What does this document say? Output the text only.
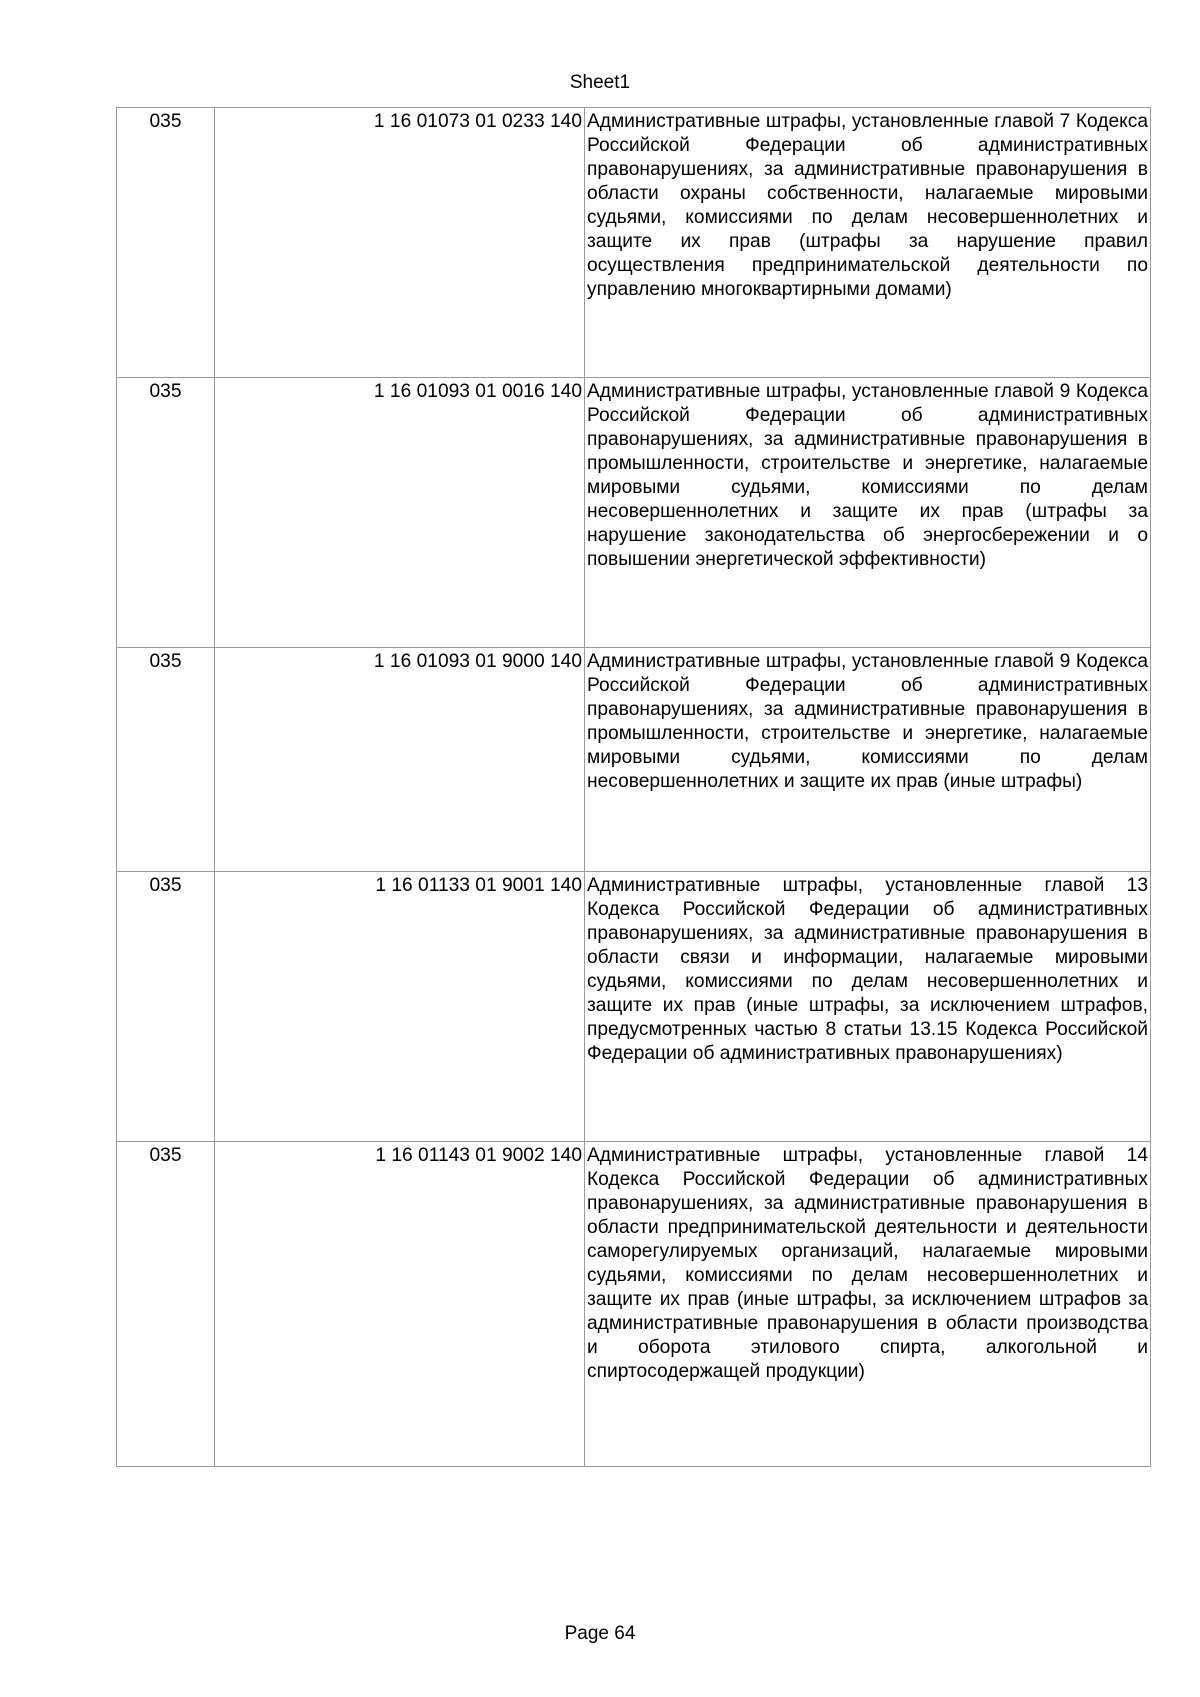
Sheet1
035	1 16 01073 01 0233 140	Административные штрафы, установленные главой 7 Кодекса Российской Федерации об административных правонарушениях, за административные правонарушения в области охраны собственности, налагаемые мировыми судьями, комиссиями по делам несовершеннолетних и защите их прав (штрафы за нарушение правил осуществления предпринимательской деятельности по управлению многоквартирными домами)
035	1 16 01093 01 0016 140	Административные штрафы, установленные главой 9 Кодекса Российской Федерации об административных правонарушениях, за административные правонарушения в промышленности, строительстве и энергетике, налагаемые мировыми судьями, комиссиями по делам несовершеннолетних и защите их прав (штрафы за нарушение законодательства об энергосбережении и о повышении энергетической эффективности)
035	1 16 01093 01 9000 140	Административные штрафы, установленные главой 9 Кодекса Российской Федерации об административных правонарушениях, за административные правонарушения в промышленности, строительстве и энергетике, налагаемые мировыми судьями, комиссиями по делам несовершеннолетних и защите их прав (иные штрафы)
035	1 16 01133 01 9001 140	Административные штрафы, установленные главой 13 Кодекса Российской Федерации об административных правонарушениях, за административные правонарушения в области связи и информации, налагаемые мировыми судьями, комиссиями по делам несовершеннолетних и защите их прав (иные штрафы, за исключением штрафов, предусмотренных частью 8 статьи 13.15 Кодекса Российской Федерации об административных правонарушениях)
035	1 16 01143 01 9002 140	Административные штрафы, установленные главой 14 Кодекса Российской Федерации об административных правонарушениях, за административные правонарушения в области предпринимательской деятельности и деятельности саморегулируемых организаций, налагаемые мировыми судьями, комиссиями по делам несовершеннолетних и защите их прав (иные штрафы, за исключением штрафов за административные правонарушения в области производства и оборота этилового спирта, алкогольной и спиртосодержащей продукции)
Page 64
